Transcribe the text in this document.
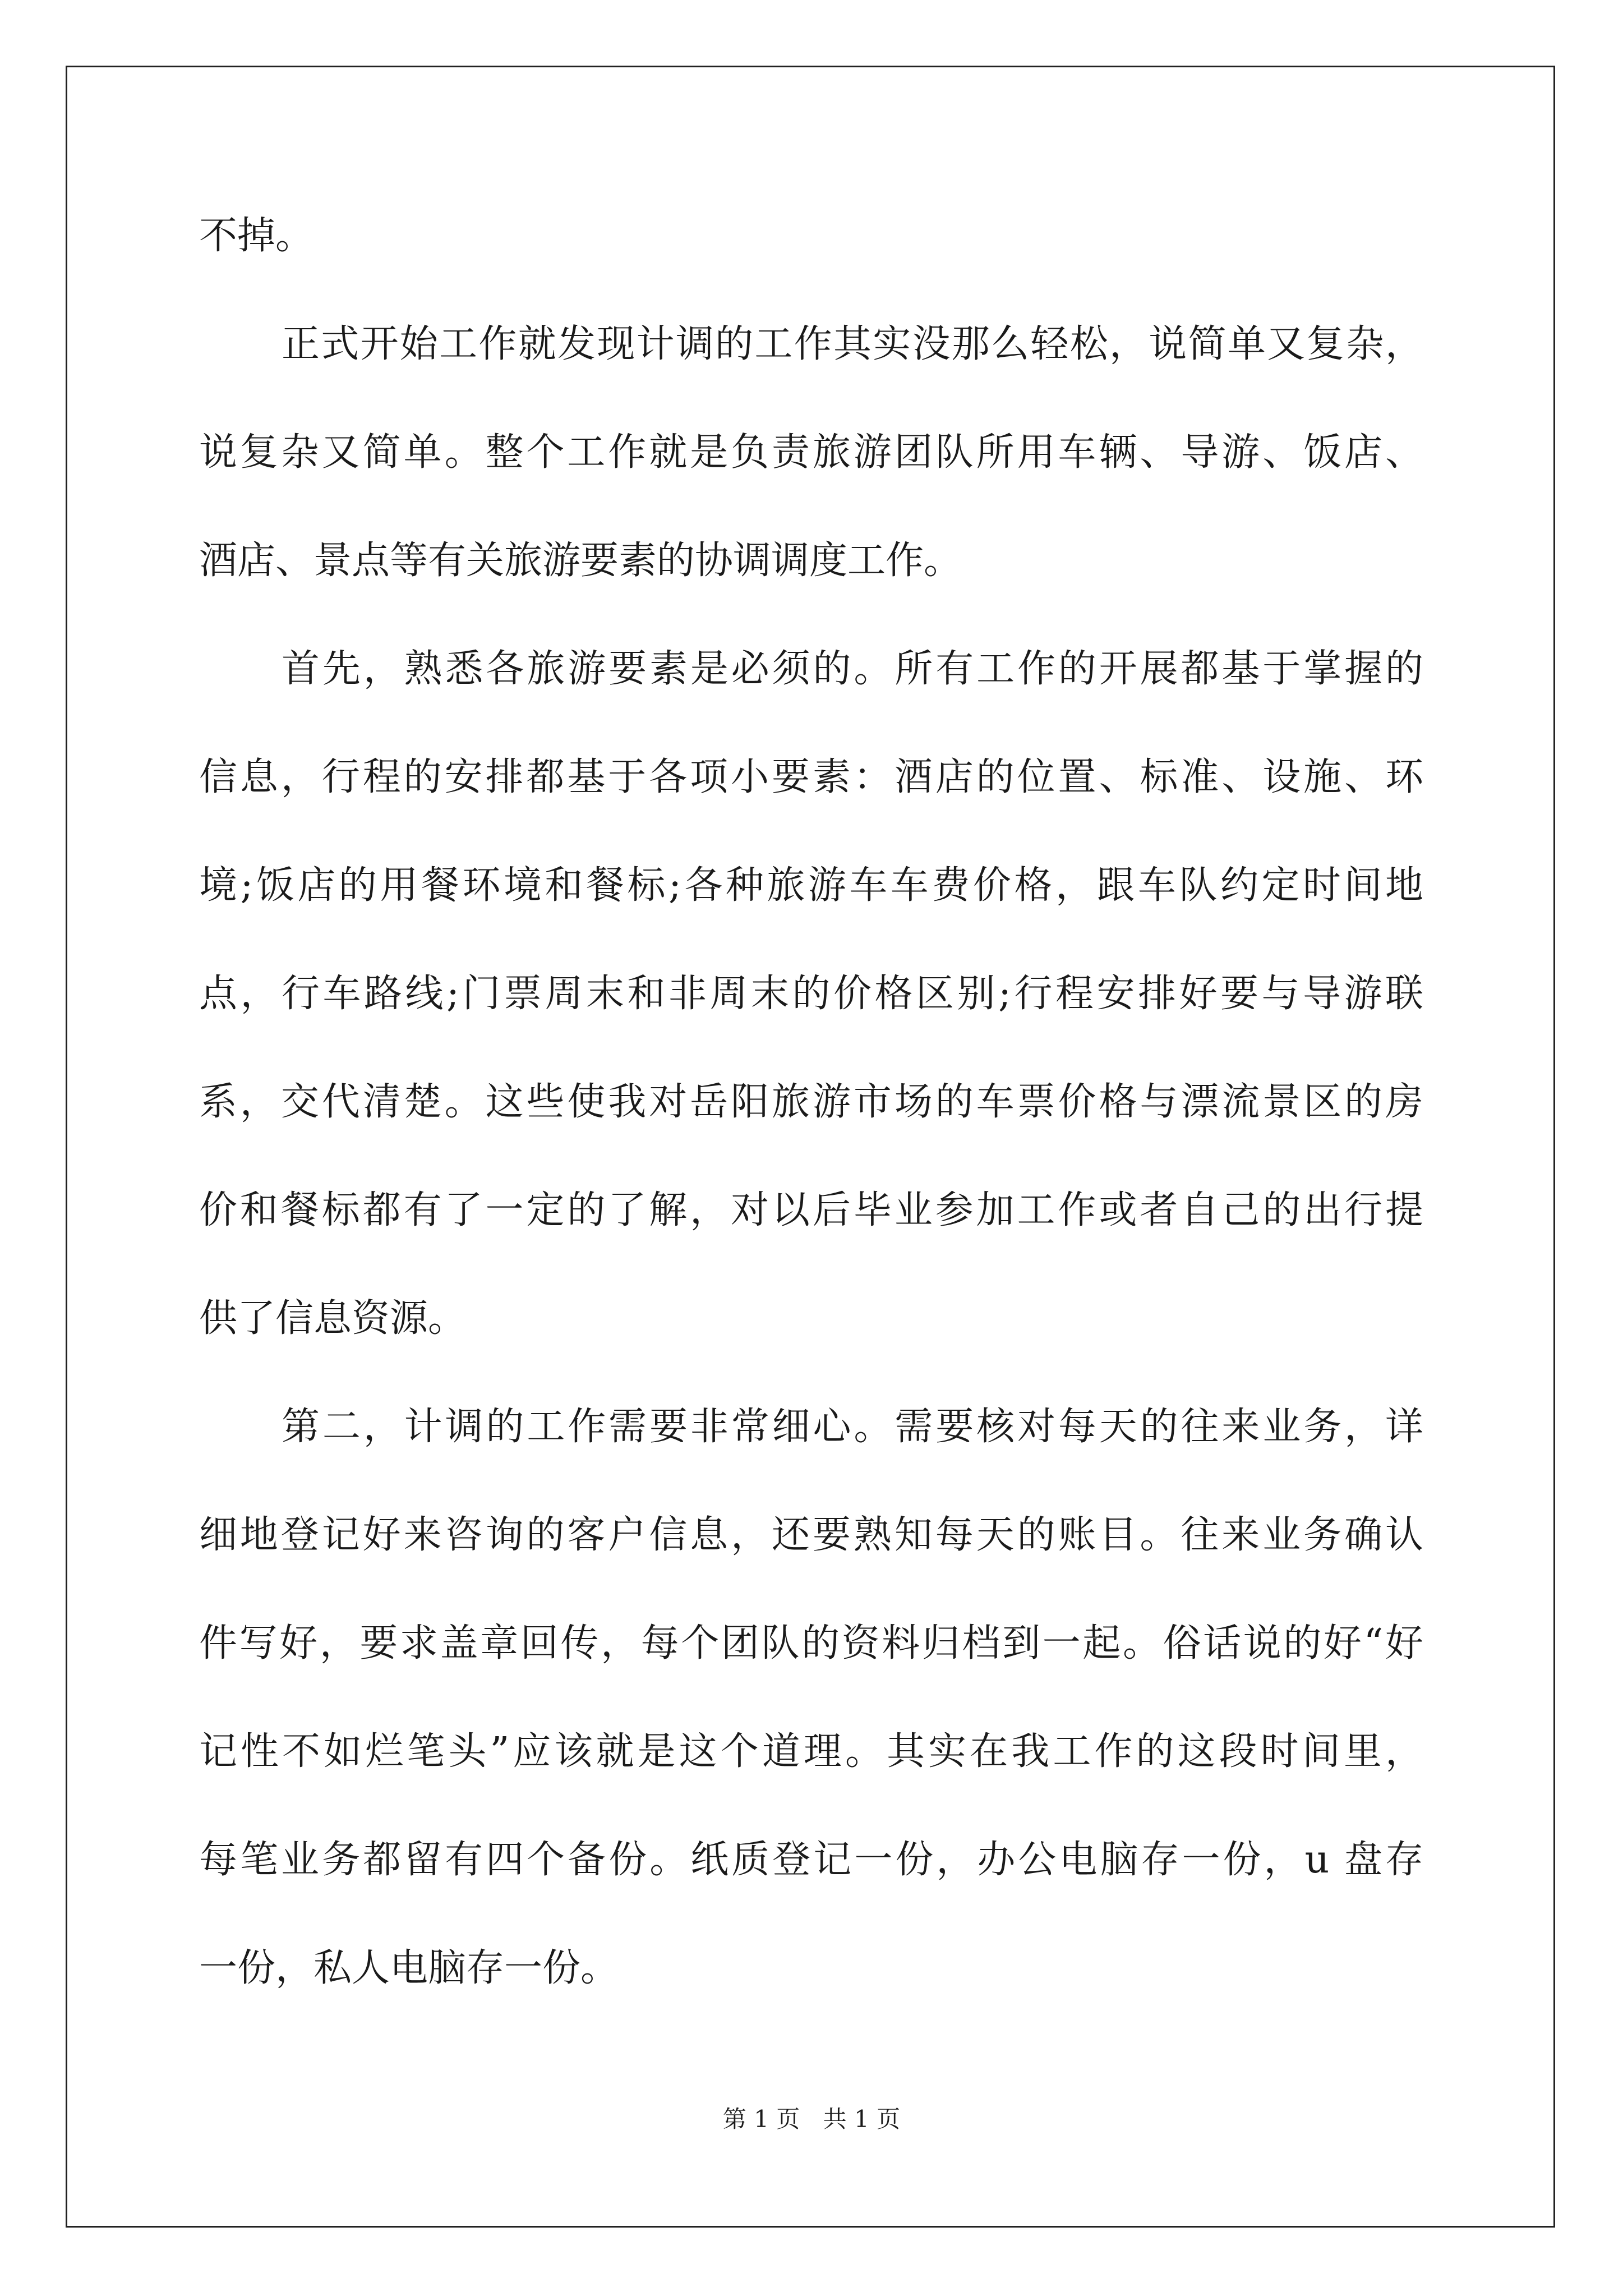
不掉。
正式开始工作就发现计调的工作其实没那么轻松，说简单又复杂，
说复杂又简单。整个工作就是负责旅游团队所用车辆、导游、饭店、
酒店、景点等有关旅游要素的协调调度工作。
首先，熟悉各旅游要素是必须的。所有工作的开展都基于掌握的
信息，行程的安排都基于各项小要素：酒店的位置、标准、设施、环
境;饭店的用餐环境和餐标;各种旅游车车费价格，跟车队约定时间地
点，行车路线;门票周末和非周末的价格区别;行程安排好要与导游联
系，交代清楚。这些使我对岳阳旅游市场的车票价格与漂流景区的房
价和餐标都有了一定的了解，对以后毕业参加工作或者自己的出行提
供了信息资源。
第二，计调的工作需要非常细心。需要核对每天的往来业务，详
细地登记好来咨询的客户信息，还要熟知每天的账目。往来业务确认
件写好，要求盖章回传，每个团队的资料归档到一起。俗话说的好“好
记性不如烂笔头”应该就是这个道理。其实在我工作的这段时间里，
每笔业务都留有四个备份。纸质登记一份，办公电脑存一份，u 盘存
一份，私人电脑存一份。
第 1 页 共 1 页
